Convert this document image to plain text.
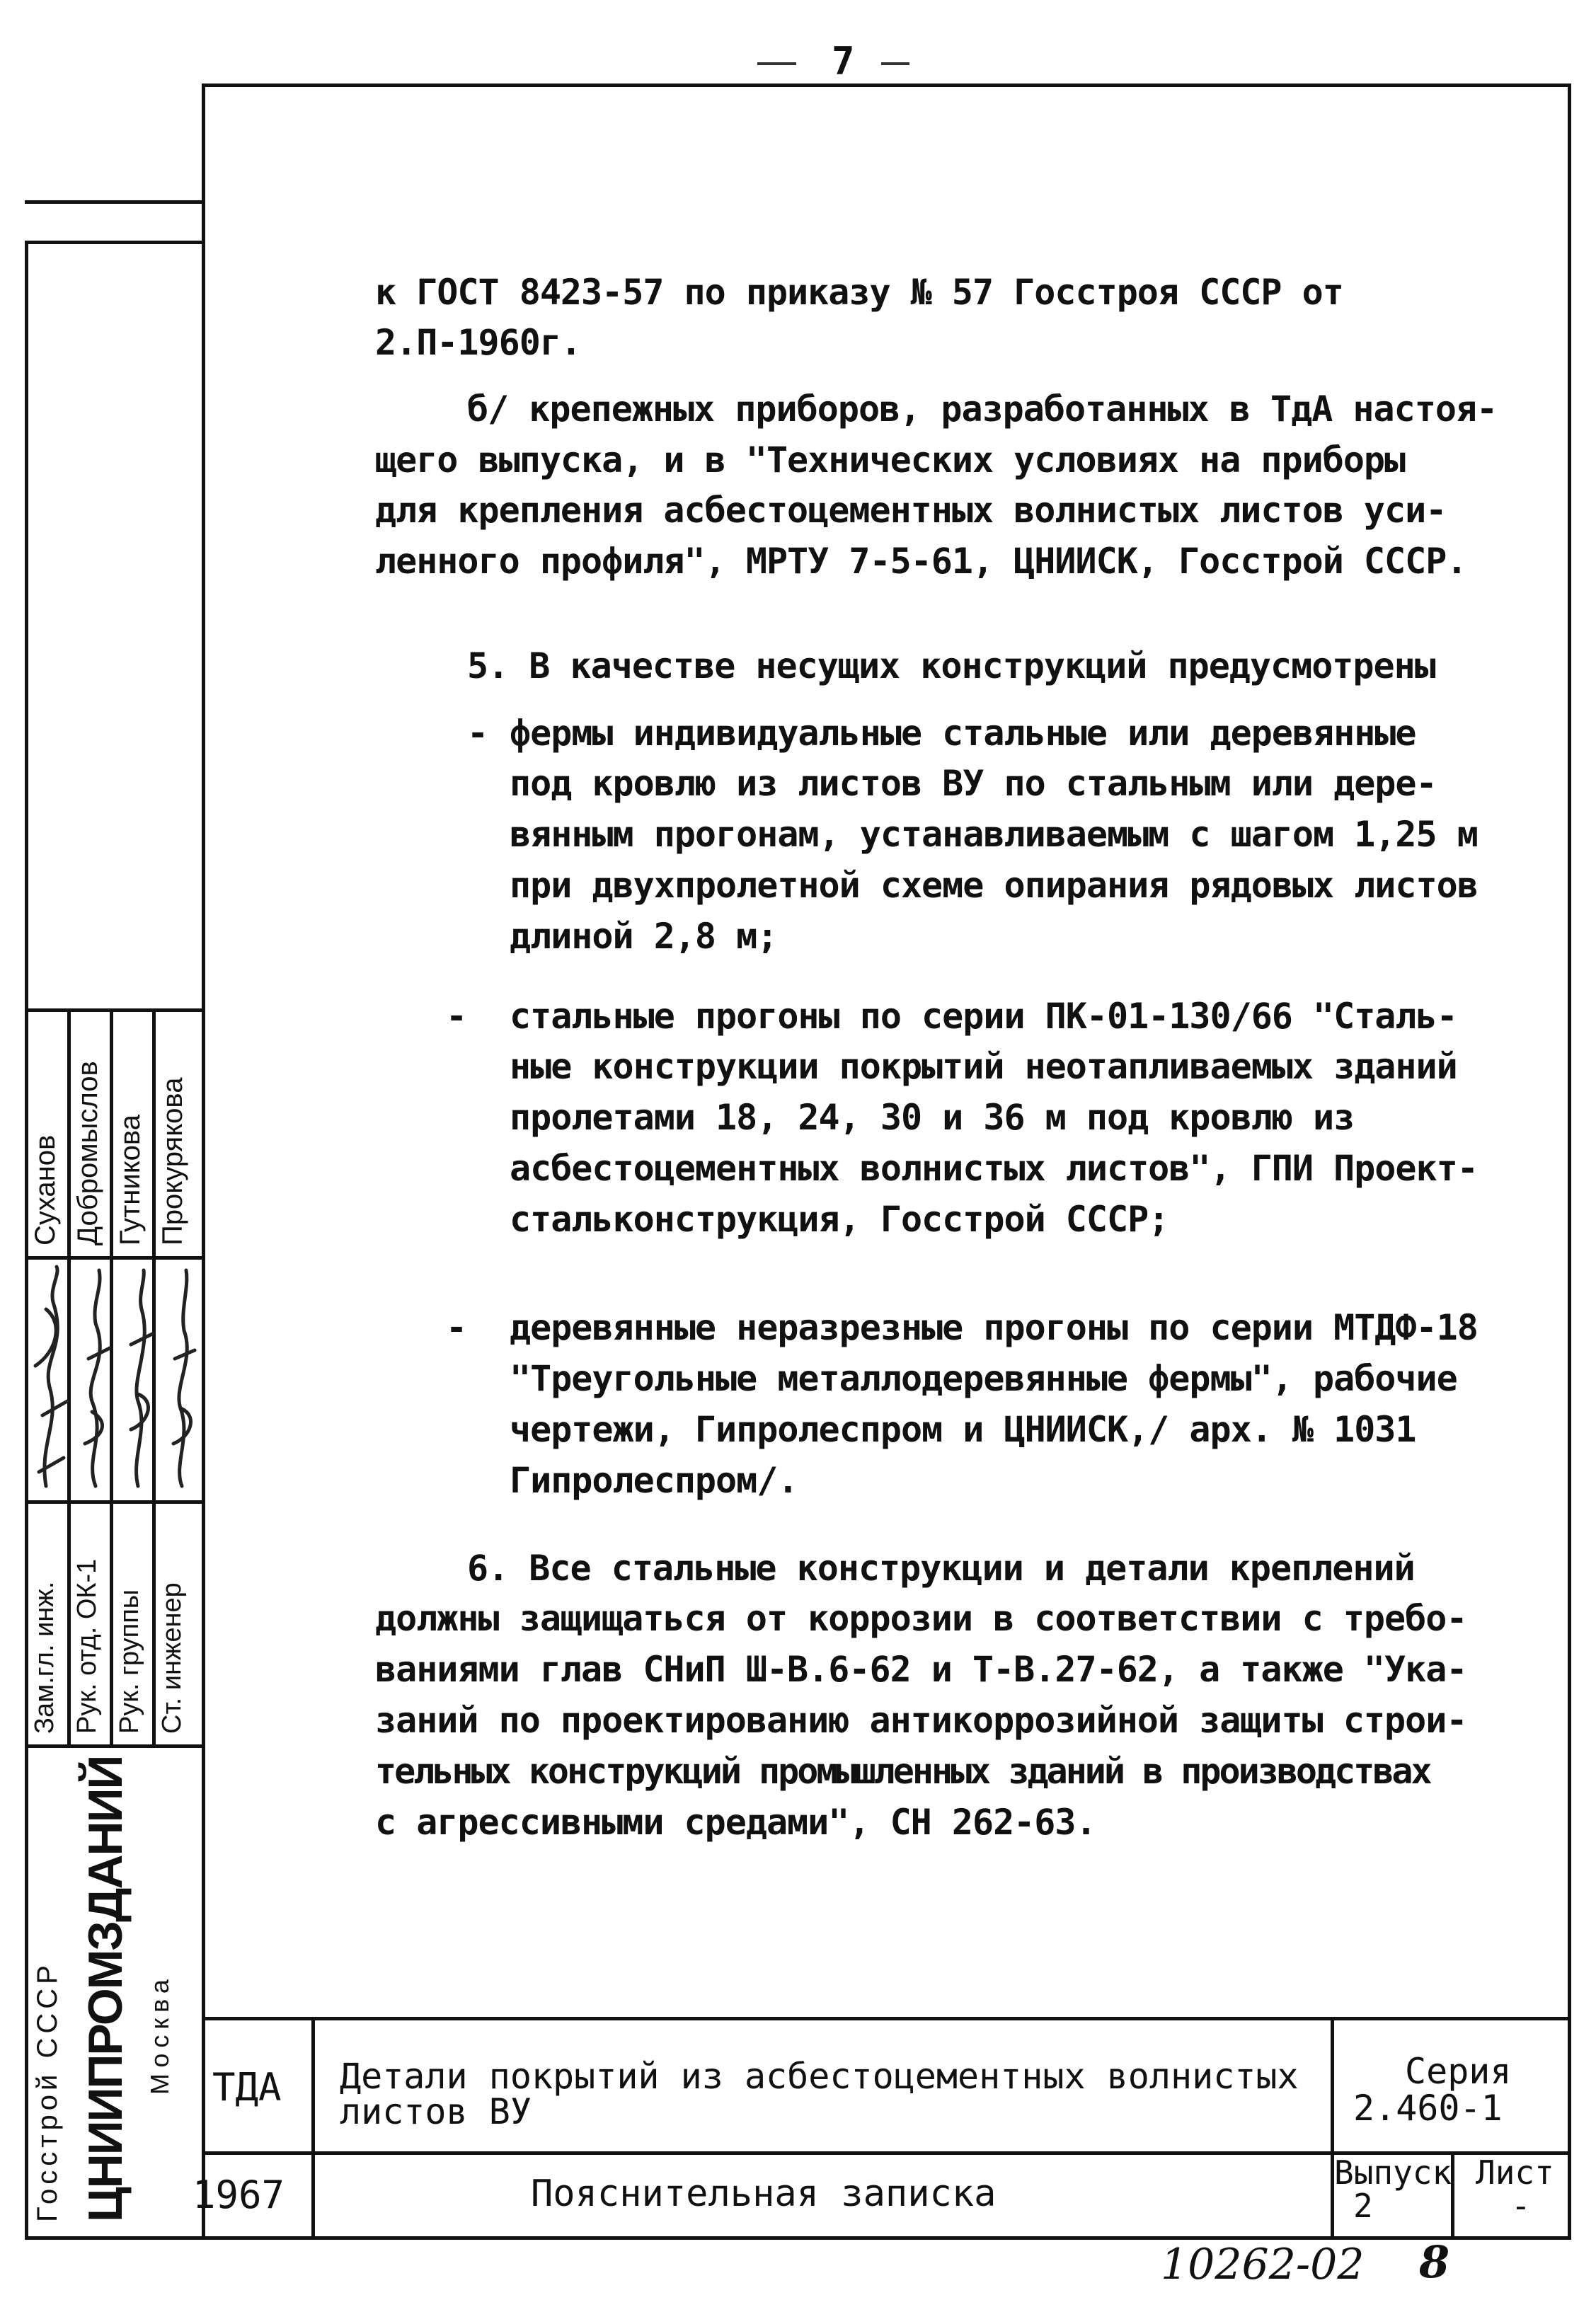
7
Суханов Добромыслов Гутникова Прокурякова
Зам.гл. инж. Рук. отд. ОК-1 Рук. группы Ст. инженер
Госстрой СССР ЦНИИПРОМЗДАНИЙ Москва
к ГОСТ 8423-57 по приказу № 57 Госстроя СССР от
2.П-1960г.
б/ крепежных приборов, разработанных в ТдА настоя-
щего выпуска, и в "Технических условиях на приборы
для крепления асбестоцементных волнистых листов уси-
ленного профиля", МРТУ 7-5-61, ЦНИИСК, Госстрой СССР.
5. В качестве несущих конструкций предусмотрены
- фермы индивидуальные стальные или деревянные
под кровлю из листов ВУ по стальным или дере-
вянным прогонам, устанавливаемым с шагом 1,25 м
при двухпролетной схеме опирания рядовых листов
длиной 2,8 м;
- стальные прогоны по серии ПК-01-130/66 "Сталь-
ные конструкции покрытий неотапливаемых зданий
пролетами 18, 24, 30 и 36 м под кровлю из
асбестоцементных волнистых листов", ГПИ Проект-
стальконструкция, Госстрой СССР;
- деревянные неразрезные прогоны по серии МТДФ-18
"Треугольные металлодеревянные фермы", рабочие
чертежи, Гипролеспром и ЦНИИСК,/ арх. № 1031
Гипролеспром/.
6. Все стальные конструкции и детали креплений
должны защищаться от коррозии в соответствии с требо-
ваниями глав СНиП Ш-В.6-62 и Т-В.27-62, а также "Ука-
заний по проектированию антикоррозийной защиты строи-
тельных конструкций промышленных зданий в производствах
с агрессивными средами", СН 262-63.
ТДА
1967
Детали покрытий из асбестоцементных волнистых
листов ВУ
Пояснительная записка
Серия
2.460-1
Выпуск
2
Лист
-
10262-02 8
